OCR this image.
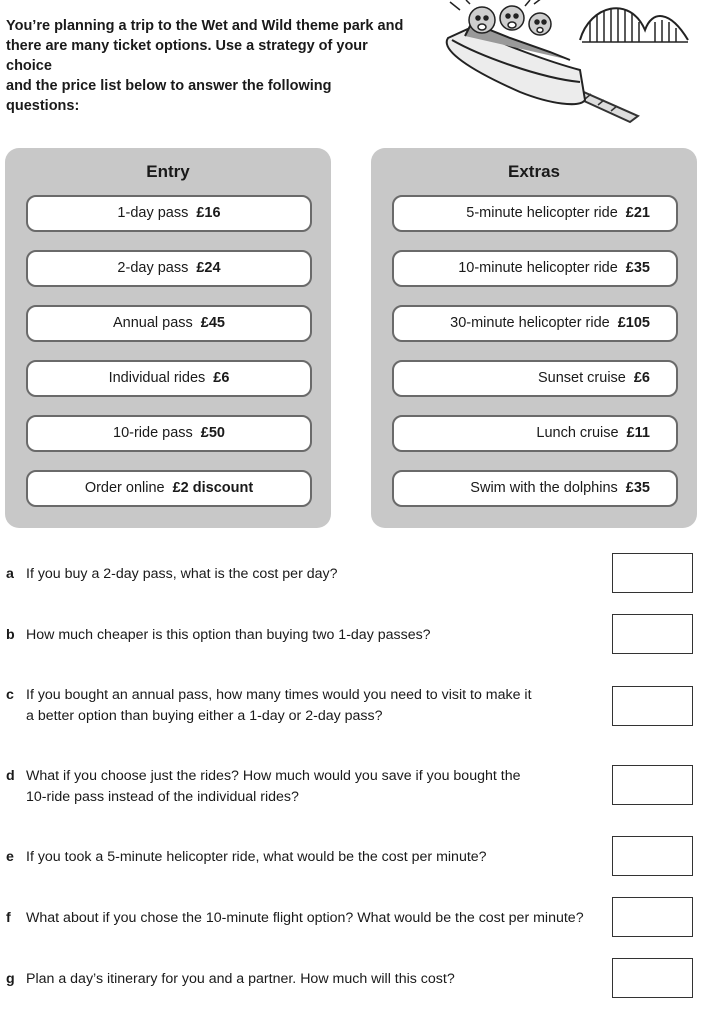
You’re planning a trip to the Wet and Wild theme park and
there are many ticket options. Use a strategy of your choice
and the price list below to answer the following questions:
Entry
1-day pass £16
2-day pass £24
Annual pass £45
Individual rides £6
10-ride pass £50
Order online £2 discount
Extras
5-minute helicopter ride £21
10-minute helicopter ride £35
30-minute helicopter ride £105
Sunset cruise £6
Lunch cruise £11
Swim with the dolphins £35
a If you buy a 2-day pass, what is the cost per day?
b How much cheaper is this option than buying two 1-day passes?
c If you bought an annual pass, how many times would you need to visit to make it
a better option than buying either a 1-day or 2-day pass?
d What if you choose just the rides? How much would you save if you bought the
10-ride pass instead of the individual rides?
e If you took a 5-minute helicopter ride, what would be the cost per minute?
f What about if you chose the 10-minute flight option? What would be the cost per minute?
g Plan a day’s itinerary for you and a partner. How much will this cost?
